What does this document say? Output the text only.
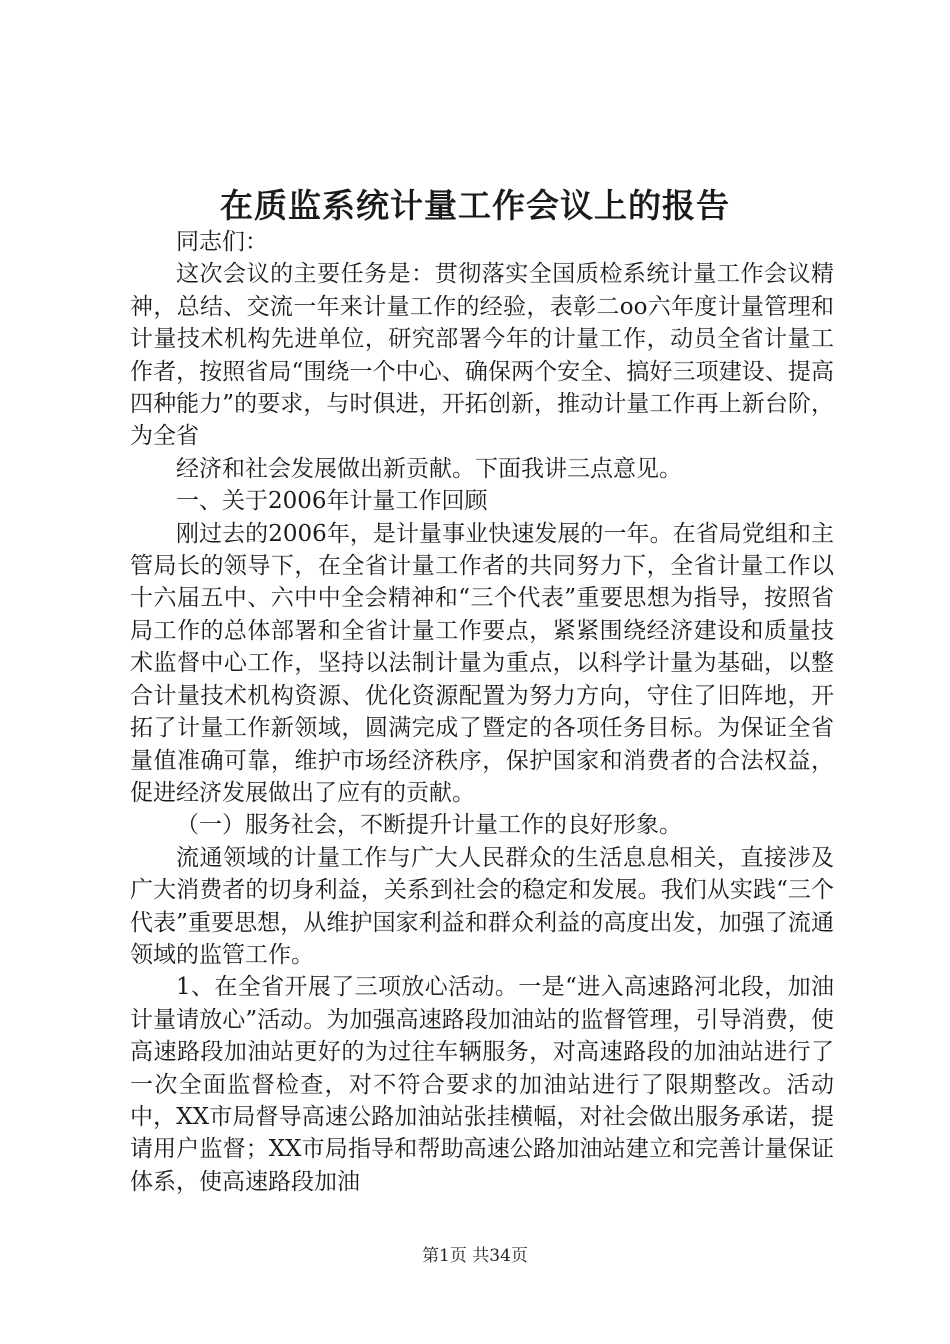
在质监系统计量工作会议上的报告

同志们：

这次会议的主要任务是：贯彻落实全国质检系统计量工作会议精神，总结、交流一年来计量工作的经验，表彰二oo六年度计量管理和计量技术机构先进单位，研究部署今年的计量工作，动员全省计量工作者，按照省局“围绕一个中心、确保两个安全、搞好三项建设、提高四种能力”的要求，与时俱进，开拓创新，推动计量工作再上新台阶，为全省

经济和社会发展做出新贡献。下面我讲三点意见。

一、关于2006年计量工作回顾

刚过去的2006年，是计量事业快速发展的一年。在省局党组和主管局长的领导下，在全省计量工作者的共同努力下，全省计量工作以十六届五中、六中中全会精神和“三个代表”重要思想为指导，按照省局工作的总体部署和全省计量工作要点，紧紧围绕经济建设和质量技术监督中心工作，坚持以法制计量为重点，以科学计量为基础，以整合计量技术机构资源、优化资源配置为努力方向，守住了旧阵地，开拓了计量工作新领域，圆满完成了暨定的各项任务目标。为保证全省量值准确可靠，维护市场经济秩序，保护国家和消费者的合法权益，促进经济发展做出了应有的贡献。

（一）服务社会，不断提升计量工作的良好形象。

流通领域的计量工作与广大人民群众的生活息息相关，直接涉及广大消费者的切身利益，关系到社会的稳定和发展。我们从实践“三个代表”重要思想，从维护国家利益和群众利益的高度出发，加强了流通领域的监管工作。

1、在全省开展了三项放心活动。一是“进入高速路河北段，加油计量请放心”活动。为加强高速路段加油站的监督管理，引导消费，使高速路段加油站更好的为过往车辆服务，对高速路段的加油站进行了一次全面监督检查，对不符合要求的加油站进行了限期整改。活动中，XX市局督导高速公路加油站张挂横幅，对社会做出服务承诺，提请用户监督；XX市局指导和帮助高速公路加油站建立和完善计量保证体系，使高速路段加油

第1页 共34页
